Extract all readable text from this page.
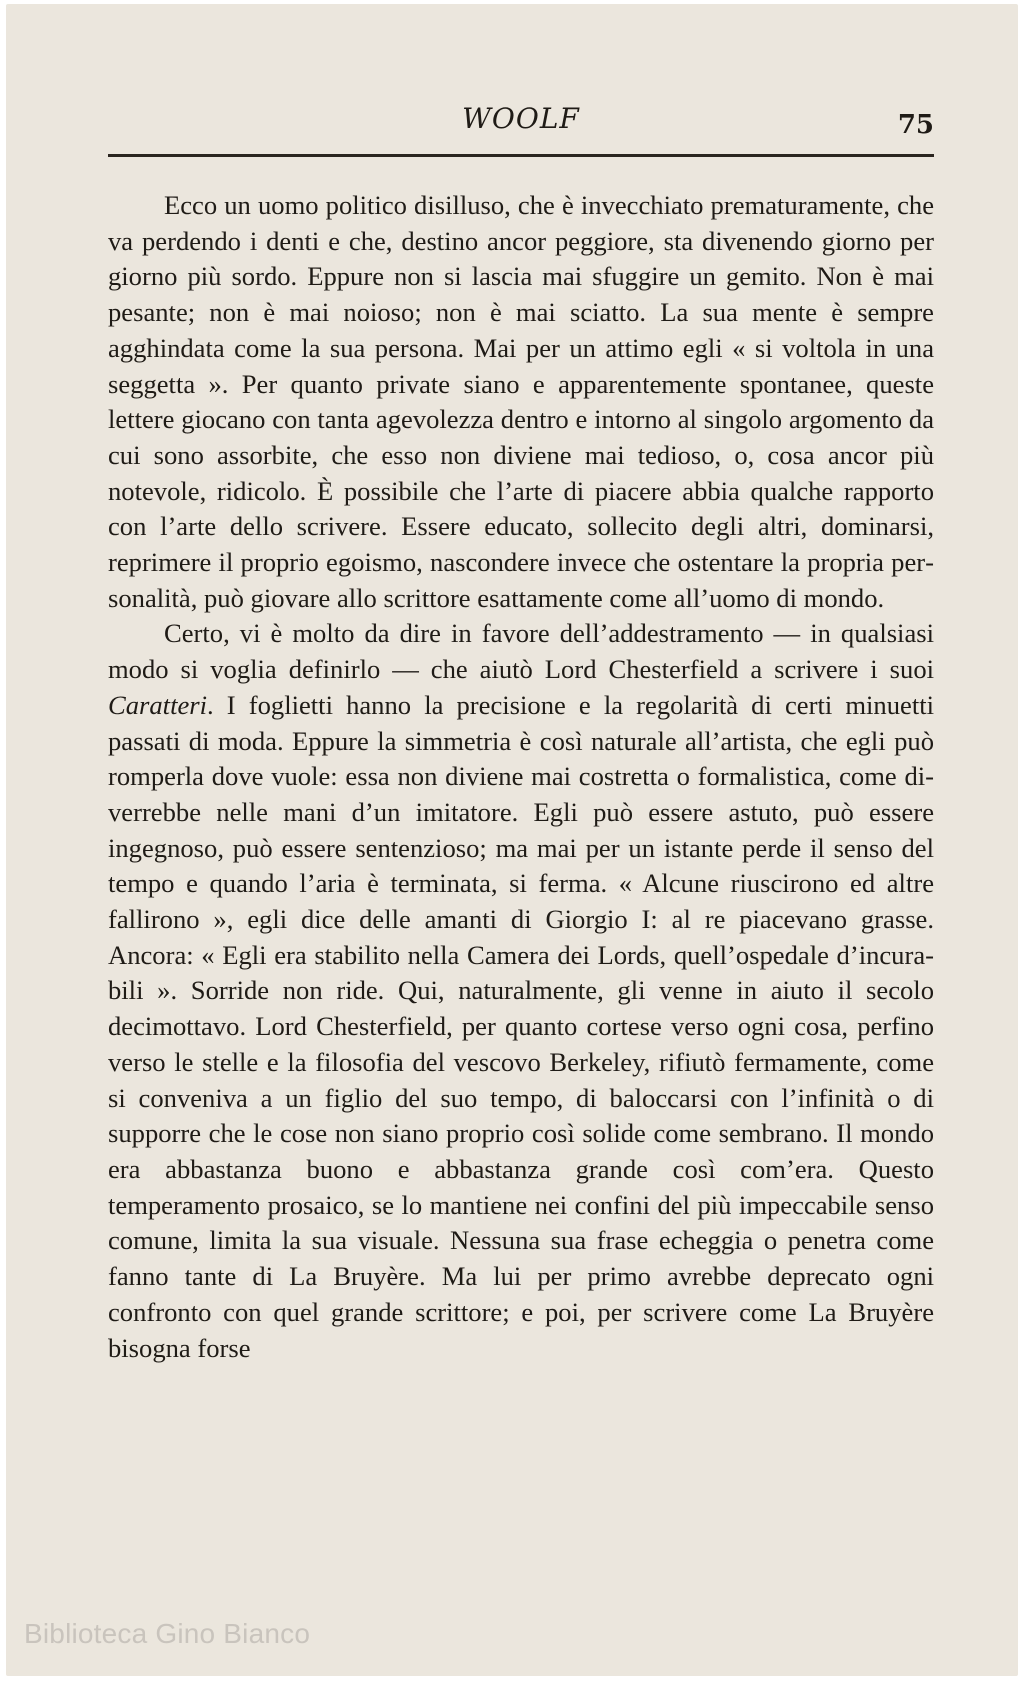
WOOLF	75

Ecco un uomo politico disilluso, che è invecchiato prematuramente, che va perdendo i denti e che, destino ancor peggiore, sta divenendo giorno per giorno più sordo. Eppure non si lascia mai sfuggire un gemito. Non è mai pesante; non è mai noioso; non è mai sciatto. La sua mente è sempre agghindata come la sua persona. Mai per un attimo egli « si voltola in una seggetta ». Per quanto private siano e apparentemente spontanee, queste lettere giocano con tanta agevolezza dentro e intorno al singolo argomento da cui sono assorbite, che esso non diviene mai tedioso, o, cosa ancor più notevole, ridicolo. È possibile che l’arte di piacere abbia qualche rapporto con l’arte dello scrivere. Essere educato, sollecito degli altri, dominarsi, reprimere il proprio egoismo, nascondere invece che ostentare la propria personalità, può giovare allo scrittore esattamente come all’uomo di mondo.

Certo, vi è molto da dire in favore dell’addestramento — in qualsiasi modo si voglia definirlo — che aiutò Lord Chesterfield a scrivere i suoi Caratteri. I foglietti hanno la precisione e la regolarità di certi minuetti passati di moda. Eppure la simmetria è così naturale all’artista, che egli può romperla dove vuole: essa non diviene mai costretta o formalistica, come diverrebbe nelle mani d’un imitatore. Egli può essere astuto, può essere ingegnoso, può essere sentenzioso; ma mai per un istante perde il senso del tempo e quando l’aria è terminata, si ferma. « Alcune riuscirono ed altre fallirono », egli dice delle amanti di Giorgio I: al re piacevano grasse. Ancora: « Egli era stabilito nella Camera dei Lords, quell’ospedale d’incurabili ». Sorride non ride. Qui, naturalmente, gli venne in aiuto il secolo decimottavo. Lord Chesterfield, per quanto cortese verso ogni cosa, perfino verso le stelle e la filosofia del vescovo Berkeley, rifiutò fermamente, come si conveniva a un figlio del suo tempo, di baloccarsi con l’infinità o di supporre che le cose non siano proprio così solide come sembrano. Il mondo era abbastanza buono e abbastanza grande così com’era. Questo temperamento prosaico, se lo mantiene nei confini del più impeccabile senso comune, limita la sua visuale. Nessuna sua frase echeggia o penetra come fanno tante di La Bruyère. Ma lui per primo avrebbe deprecato ogni confronto con quel grande scrittore; e poi, per scrivere come La Bruyère bisogna forse

Biblioteca Gino Bianco
